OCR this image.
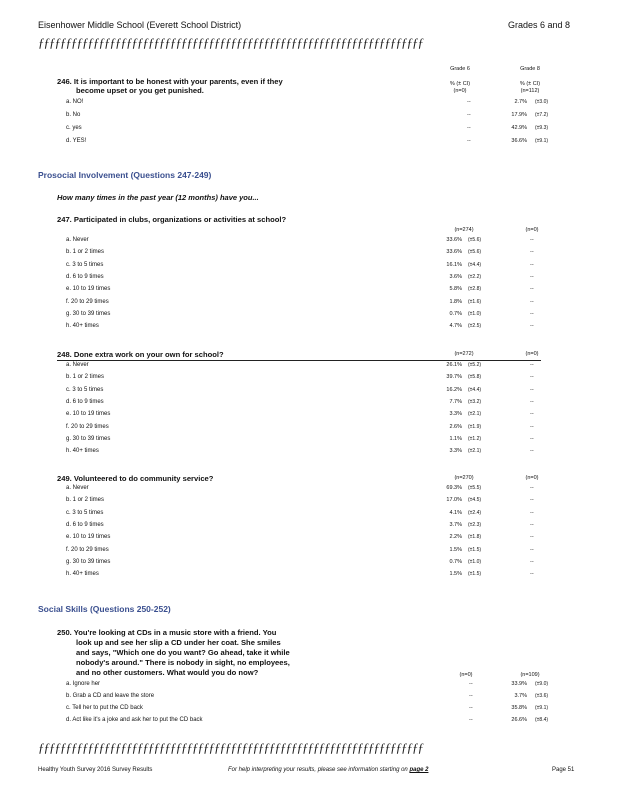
Eisenhower Middle School (Everett School District)	Grades 6 and 8
ƒƒƒƒƒƒƒƒƒƒƒƒƒƒƒƒƒƒƒƒƒƒƒƒƒƒƒƒƒƒƒƒƒƒƒƒƒƒƒƒƒƒƒƒƒƒƒƒƒƒƒƒƒƒƒƒƒƒƒƒƒƒƒƒƒƒƒƒƒƒ
Grade 6	Grade 8
% (± CI)
(n=0)
% (± CI)
(n=112)
246. It is important to be honest with your parents, even if they
become upset or you get punished.
a. NO!	--	2.7% (±3.0)
b. No	--	17.9% (±7.2)
c. yes	--	42.9% (±9.3)
d. YES!	--	36.6% (±9.1)
Prosocial Involvement (Questions 247-249)
How many times in the past year (12 months) have you...
247. Participated in clubs, organizations or activities at school?
(n=274)	(n=0)
a. Never	33.6% (±5.6)	--
b. 1 or 2 times	33.6% (±5.6)	--
c. 3 to 5 times	16.1% (±4.4)	--
d. 6 to 9 times	3.6% (±2.2)	--
e. 10 to 19 times	5.8% (±2.8)	--
f. 20 to 29 times	1.8% (±1.6)	--
g. 30 to 39 times	0.7% (±1.0)	--
h. 40+ times	4.7% (±2.5)	--
248. Done extra work on your own for school?	(n=272)	(n=0)
a. Never	26.1% (±5.2)	--
b. 1 or 2 times	39.7% (±5.8)	--
c. 3 to 5 times	16.2% (±4.4)	--
d. 6 to 9 times	7.7% (±3.2)	--
e. 10 to 19 times	3.3% (±2.1)	--
f. 20 to 29 times	2.6% (±1.9)	--
g. 30 to 39 times	1.1% (±1.2)	--
h. 40+ times	3.3% (±2.1)	--
249. Volunteered to do community service?	(n=270)	(n=0)
a. Never	69.3% (±5.5)	--
b. 1 or 2 times	17.0% (±4.5)	--
c. 3 to 5 times	4.1% (±2.4)	--
d. 6 to 9 times	3.7% (±2.3)	--
e. 10 to 19 times	2.2% (±1.8)	--
f. 20 to 29 times	1.5% (±1.5)	--
g. 30 to 39 times	0.7% (±1.0)	--
h. 40+ times	1.5% (±1.5)	--
Social Skills (Questions 250-252)
250. You're looking at CDs in a music store with a friend. You
look up and see her slip a CD under her coat. She smiles
and says, "Which one do you want? Go ahead, take it while
nobody's around." There is nobody in sight, no employees,
and no other customers. What would you do now?	(n=0)	(n=109)
a. Ignore her	--	33.9% (±9.0)
b. Grab a CD and leave the store	--	3.7% (±3.6)
c. Tell her to put the CD back	--	35.8% (±9.1)
d. Act like it's a joke and ask her to put the CD back	--	26.6% (±8.4)
ƒƒƒƒƒƒƒƒƒƒƒƒƒƒƒƒƒƒƒƒƒƒƒƒƒƒƒƒƒƒƒƒƒƒƒƒƒƒƒƒƒƒƒƒƒƒƒƒƒƒƒƒƒƒƒƒƒƒƒƒƒƒƒƒƒƒƒƒƒƒ
Healthy Youth Survey 2016 Survey Results	For help interpreting your results, please see information starting on page 2	Page 51
